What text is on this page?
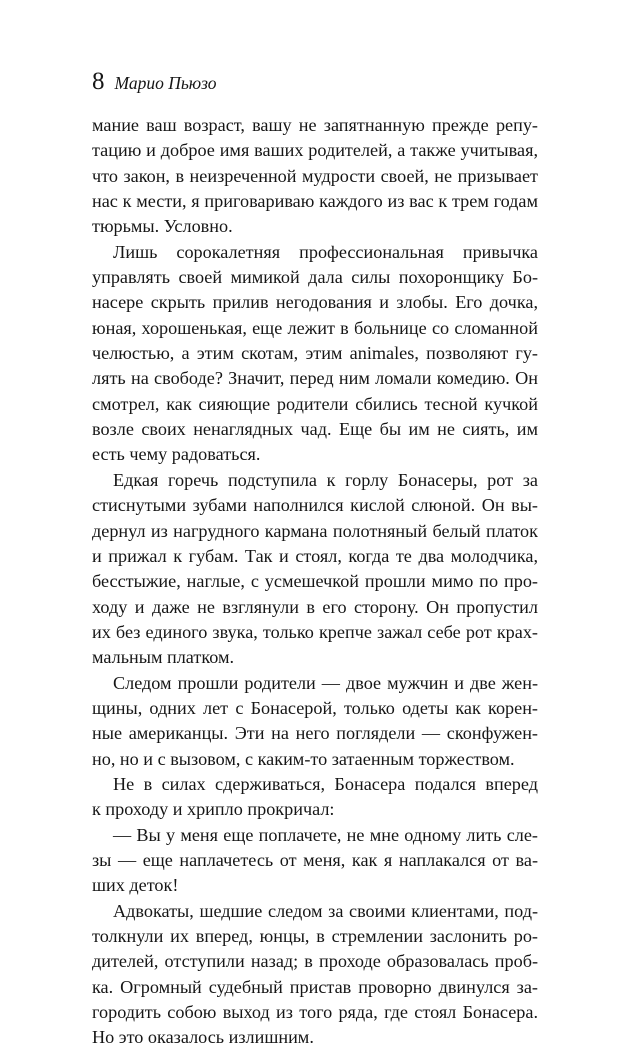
8 Марио Пьюзо

мание ваш возраст, вашу не запятнанную прежде репу-
тацию и доброе имя ваших родителей, а также учитывая,
что закон, в неизреченной мудрости своей, не призывает
нас к мести, я приговариваю каждого из вас к трем годам
тюрьмы. Условно.

Лишь сорокалетняя профессиональная привычка
управлять своей мимикой дала силы похоронщику Бо-
насере скрыть прилив негодования и злобы. Его дочка,
юная, хорошенькая, еще лежит в больнице со сломанной
челюстью, а этим скотам, этим animales, позволяют гу-
лять на свободе? Значит, перед ним ломали комедию. Он
смотрел, как сияющие родители сбились тесной кучкой
возле своих ненаглядных чад. Еще бы им не сиять, им
есть чему радоваться.

Едкая горечь подступила к горлу Бонасеры, рот за
стиснутыми зубами наполнился кислой слюной. Он вы-
дернул из нагрудного кармана полотняный белый платок
и прижал к губам. Так и стоял, когда те два молодчика,
бесстыжие, наглые, с усмешечкой прошли мимо по про-
ходу и даже не взглянули в его сторону. Он пропустил
их без единого звука, только крепче зажал себе рот крах-
мальным платком.

Следом прошли родители — двое мужчин и две жен-
щины, одних лет с Бонасерой, только одеты как корен-
ные американцы. Эти на него поглядели — сконфужен-
но, но и с вызовом, с каким-то затаенным торжеством.

Не в силах сдерживаться, Бонасера подался вперед
к проходу и хрипло прокричал:

— Вы у меня еще поплачете, не мне одному лить сле-
зы — еще наплачетесь от меня, как я наплакался от ва-
ших деток!

Адвокаты, шедшие следом за своими клиентами, под-
толкнули их вперед, юнцы, в стремлении заслонить ро-
дителей, отступили назад; в проходе образовалась проб-
ка. Огромный судебный пристав проворно двинулся за-
городить собою выход из того ряда, где стоял Бонасера.
Но это оказалось излишним.
